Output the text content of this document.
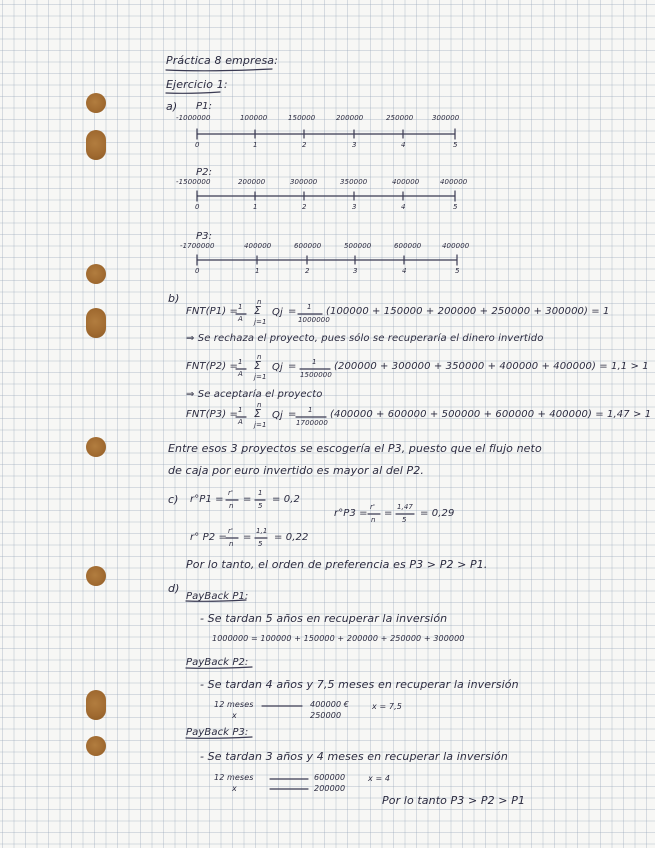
Práctica 8 empresa:
Ejercicio 1:
a) P1:
-1000000	100000	150000	200000	250000	300000
0	1	2	3	4	5
P2:
-1500000	200000	300000	350000	400000	400000
0	1	2	3	4	5
P3:
-1700000	400000	600000	500000	600000	400000
0	1	2	3	4	5
b)
FNT(P1) = 1
A
n
Σ
j=1
Qj = 1
1000000
(100000 + 150000 + 200000 + 250000 + 300000) = 1
⇒ Se rechaza el proyecto, pues sólo se recuperaría el dinero invertido
FNT(P2) = 1
A
n
Σ
j=1
Qj = 1
1500000
(200000 + 300000 + 350000 + 400000 + 400000) = 1,1 > 1
⇒ Se aceptaría el proyecto
FNT(P3) = 1
A
n
Σ
j=1
Qj = 1
1700000
(400000 + 600000 + 500000 + 600000 + 400000) = 1,47 > 1
Entre esos 3 proyectos se escogería el P3, puesto que el flujo neto
de caja por euro invertido es mayor al del P2.
c) r°P1 =
r'
n
=
1
5
= 0,2
r°P3 =
r'
n
=
1,47
5
= 0,29
r° P2 =
r'
n
=
1,1
5
= 0,22
Por lo tanto, el orden de preferencia es P3 > P2 > P1.
d)
PayBack P1:
- Se tardan 5 años en recuperar la inversión
1000000 = 100000 + 150000 + 200000 + 250000 + 300000
PayBack P2:
- Se tardan 4 años y 7,5 meses en recuperar la inversión
12 meses	400000 €	x = 7,5
x	250000
PayBack P3:
- Se tardan 3 años y 4 meses en recuperar la inversión
12 meses	600000	x = 4
x	200000
Por lo tanto P3 > P2 > P1
